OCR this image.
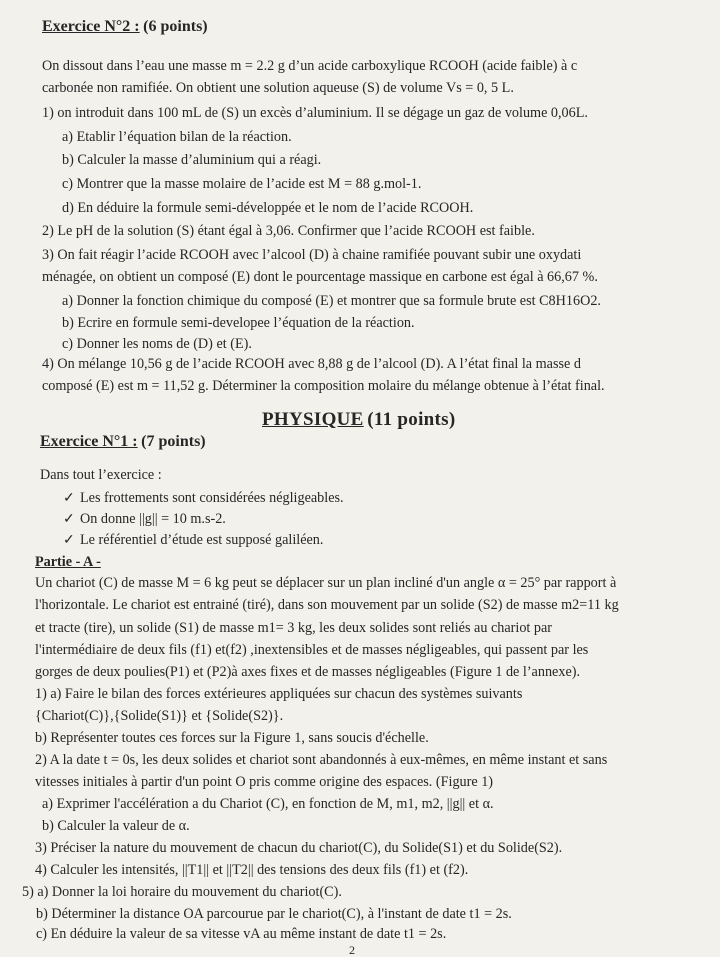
Exercice N°2 : (6 points)
On dissout dans l’eau une masse m = 2.2 g d’un acide carboxylique RCOOH (acide faible) à c
carbonée non ramifiée. On obtient une solution aqueuse (S) de volume Vs = 0, 5 L.
1) on introduit dans 100 mL de (S) un excès d’aluminium. Il se dégage un gaz de volume 0,06L.
a) Etablir l’équation bilan de la réaction.
b) Calculer la masse d’aluminium qui a réagi.
c) Montrer que la masse molaire de l’acide est M = 88 g.mol-1.
d) En déduire la formule semi-développée et le nom de l’acide RCOOH.
2) Le pH de la solution (S) étant égal à 3,06. Confirmer que l’acide RCOOH est faible.
3) On fait réagir l’acide RCOOH avec l’alcool (D) à chaine ramifiée pouvant subir une oxydati
ménagée, on obtient un composé (E) dont le pourcentage massique en carbone est égal à 66,67 %.
a) Donner la fonction chimique du composé (E) et montrer que sa formule brute est C8H16O2.
b) Ecrire en formule semi-developee l’équation de la réaction.
c) Donner les noms de (D) et (E).
4) On mélange 10,56 g de l’acide RCOOH avec 8,88 g de l’alcool (D). A l’état final la masse d
composé (E) est m = 11,52 g. Déterminer la composition molaire du mélange obtenue à l’état final.
PHYSIQUE (11 points)
Exercice N°1 : (7 points)
Dans tout l’exercice :
✓ Les frottements sont considérées négligeables.
✓ On donne ||g|| = 10 m.s-2.
✓ Le référentiel d’étude est supposé galiléen.
Partie - A -
Un chariot (C) de masse M = 6 kg peut se déplacer sur un plan incliné d'un angle α = 25° par rapport à
l'horizontale. Le chariot est entrainé (tiré), dans son mouvement par un solide (S2) de masse m2=11 kg
et tracte (tire), un solide (S1) de masse m1= 3 kg, les deux solides sont reliés au chariot par
l'intermédiaire de deux fils (f1) et(f2) ,inextensibles et de masses négligeables, qui passent par les
gorges de deux poulies(P1) et (P2)à axes fixes et de masses négligeables (Figure 1 de l’annexe).
1) a) Faire le bilan des forces extérieures appliquées sur chacun des systèmes suivants
{Chariot(C)},{Solide(S1)} et {Solide(S2)}.
b) Représenter toutes ces forces sur la Figure 1, sans soucis d'échelle.
2) A la date t = 0s, les deux solides et chariot sont abandonnés à eux-mêmes, en même instant et sans
vitesses initiales à partir d'un point O pris comme origine des espaces. (Figure 1)
a) Exprimer l'accélération a du Chariot (C), en fonction de M, m1, m2, ||g|| et α.
b) Calculer la valeur de α.
3) Préciser la nature du mouvement de chacun du chariot(C), du Solide(S1) et du Solide(S2).
4) Calculer les intensités, ||T1|| et ||T2|| des tensions des deux fils (f1) et (f2).
5) a) Donner la loi horaire du mouvement du chariot(C).
b) Déterminer la distance OA parcourue par le chariot(C), à l'instant de date t1 = 2s.
c) En déduire la valeur de sa vitesse vA au même instant de date t1 = 2s.
2
